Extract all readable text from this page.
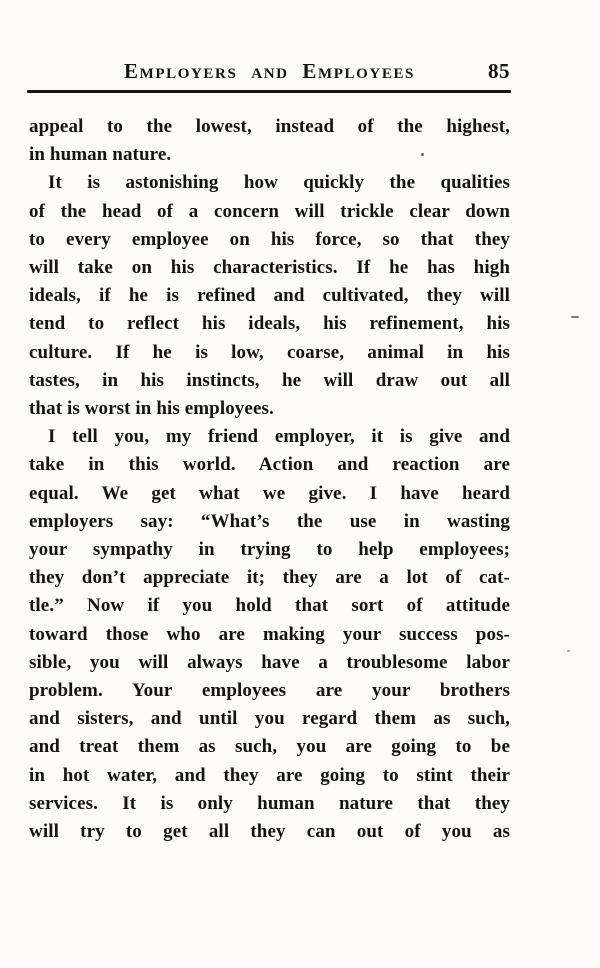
Employers and Employees	85
appeal to the lowest, instead of the highest,
in human nature.
It is astonishing how quickly the qualities
of the head of a concern will trickle clear down
to every employee on his force, so that they
will take on his characteristics. If he has high
ideals, if he is refined and cultivated, they will
tend to reflect his ideals, his refinement, his
culture. If he is low, coarse, animal in his
tastes, in his instincts, he will draw out all
that is worst in his employees.
I tell you, my friend employer, it is give and
take in this world. Action and reaction are
equal. We get what we give. I have heard
employers say: “What’s the use in wasting
your sympathy in trying to help employees;
they don’t appreciate it; they are a lot of cat-
tle.” Now if you hold that sort of attitude
toward those who are making your success pos-
sible, you will always have a troublesome labor
problem. Your employees are your brothers
and sisters, and until you regard them as such,
and treat them as such, you are going to be
in hot water, and they are going to stint their
services. It is only human nature that they
will try to get all they can out of you as
